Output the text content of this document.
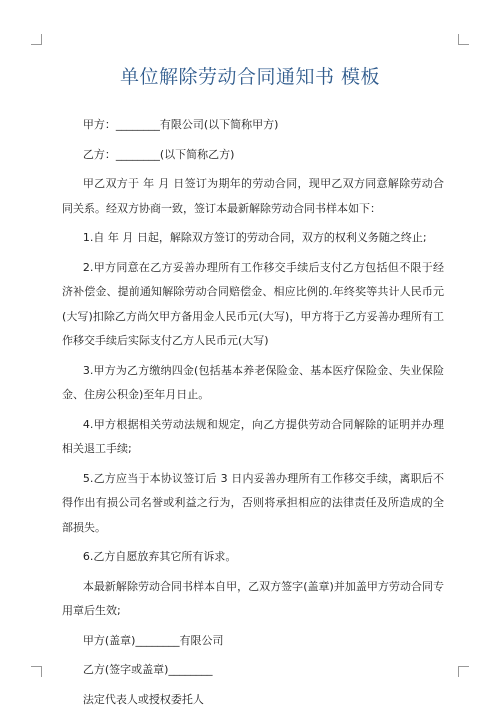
单位解除劳动合同通知书 模板

甲方：________有限公司(以下简称甲方)

乙方：________(以下简称乙方)

甲乙双方于 年 月 日签订为期年的劳动合同，现甲乙双方同意解除劳动合同关系。经双方协商一致，签订本最新解除劳动合同书样本如下：

1.自 年 月 日起，解除双方签订的劳动合同，双方的权利义务随之终止;

2.甲方同意在乙方妥善办理所有工作移交手续后支付乙方包括但不限于经济补偿金、提前通知解除劳动合同赔偿金、相应比例的.年终奖等共计人民币元(大写)扣除乙方尚欠甲方备用金人民币元(大写)，甲方将于乙方妥善办理所有工作移交手续后实际支付乙方人民币元(大写)

3.甲方为乙方缴纳四金(包括基本养老保险金、基本医疗保险金、失业保险金、住房公积金)至年月日止。

4.甲方根据相关劳动法规和规定，向乙方提供劳动合同解除的证明并办理相关退工手续;

5.乙方应当于本协议签订后 3 日内妥善办理所有工作移交手续，离职后不得作出有损公司名誉或利益之行为，否则将承担相应的法律责任及所造成的全部损失。

6.乙方自愿放弃其它所有诉求。

本最新解除劳动合同书样本自甲，乙双方签字(盖章)并加盖甲方劳动合同专用章后生效;

甲方(盖章)________有限公司

乙方(签字或盖章)________

法定代表人或授权委托人
